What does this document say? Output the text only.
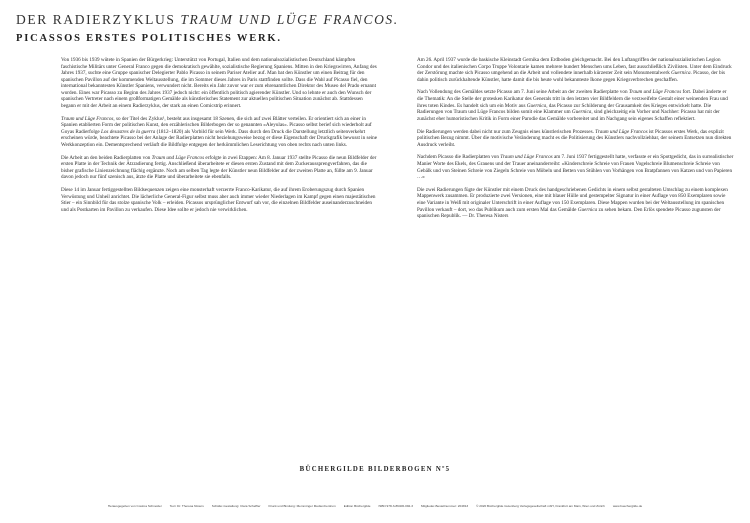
DER RADIERZYKLUS TRAUM UND LÜGE FRANCOS.
PICASSOS ERSTES POLITISCHES WERK.

Von 1936 bis 1939 wütete in Spanien der Bürgerkrieg: Unterstützt von Portugal, Italien und dem nationalsozialistischen Deutschland kämpften faschistische Militärs unter General Franco gegen die demokratisch gewählte, sozialistische Regierung Spaniens. Mitten in den Kriegswirren, Anfang des Jahres 1937, suchte eine Gruppe spanischer Delegierter Pablo Picasso in seinem Pariser Atelier auf. Man bat den Künstler um einen Beitrag für den spanischen Pavillon auf der kommenden Weltausstellung, die im Sommer dieses Jahres in Paris stattfinden sollte. Dass die Wahl auf Picasso fiel, den international bekanntesten Künstler Spaniens, verwundert nicht. Bereits ein Jahr zuvor war er zum ehrenamtlichen Direktor des Museo del Prado ernannt worden. Eines war Picasso zu Beginn des Jahres 1937 jedoch nicht: ein öffentlich politisch agierender Künstler. Und so lehnte er auch den Wunsch der spanischen Vertreter nach einem großformatigen Gemälde als künstlerisches Statement zur aktuellen politischen Situation zunächst ab. Stattdessen begann er mit der Arbeit an einem Radierzyklus, der stark an einen Comicstrip erinnert.

Traum und Lüge Francos, so der Titel des Zyklus¹, besteht aus insgesamt 18 Szenen, die sich auf zwei Blätter verteilen. Er orientiert sich an einer in Spanien etablierten Form der politischen Kunst, den erzählerischen Bilderbogen der so genannten »Aleyulas«. Picasso selbst berief sich wiederholt auf Goyas Radierfolge Los desastres de la guerra (1812–1820) als Vorbild für sein Werk. Dass durch den Druck die Darstellung letztlich seitenverkehrt erscheinen würde, beachtete Picasso bei der Anlage der Radierplatten nicht beziehungsweise bezog er diese Eigenschaft der Druckgrafik bewusst in seine Werkkonzeption ein. Dementsprechend verläuft die Bildfolge entgegen der herkömmlichen Leserichtung von oben rechts nach unten links.

Die Arbeit an den beiden Radierplatten von Traum und Lüge Francos erfolgte in zwei Etappen: Am 8. Januar 1937 stellte Picasso die neun Bildfelder der ersten Platte in der Technik der Ätzradierung fertig. Anschließend überarbeitete er diesen ersten Zustand mit dem Zuckeraussprengverfahren, das die bisher grafische Linienzeichnung flächig ergänzte. Noch am selben Tag legte der Künstler neun Bildfelder auf der zweiten Platte an, füllte am 9. Januar davon jedoch nur fünf szenisch aus, ätzte die Platte und überarbeitete sie ebenfalls.

Diese 14 im Januar fertiggestellten Bildsequenzen zeigen eine monsterhaft verzerrte Franco-Karikatur, die auf ihrem Eroberungszug durch Spanien Verwüstung und Unheil anrichtet. Die lächerliche General-Figur selbst muss aber auch immer wieder Niederlagen im Kampf gegen einen majestätischen Stier – ein Sinnbild für das stolze spanische Volk – erleiden. Picassos ursprünglicher Entwurf sah vor, die einzelnen Bildfelder auseinanderzuschneiden und als Postkarten im Pavillon zu verkaufen. Diese Idee sollte er jedoch nie verwirklichen.

Am 26. April 1937 wurde die baskische Kleinstadt Gernika dem Erdboden gleichgemacht. Bei den Luftangriffen der nationalsozialistischen Legion Condor und des italienischen Corpo Truppe Volontarie kamen mehrere hundert Menschen ums Leben, fast ausschließlich Zivilisten. Unter dem Eindruck der Zerstörung machte sich Picasso umgehend an die Arbeit und vollendete innerhalb kürzester Zeit sein Monumentalwerk Guernica. Picasso, der bis dahin politisch zurückhaltende Künstler, hatte damit die bis heute wohl bekannteste Ikone gegen Kriegsverbrechen geschaffen.

Nach Vollendung des Gemäldes setzte Picasso am 7. Juni seine Arbeit an der zweiten Radierplatte von Traum und Lüge Francos fort. Dabei änderte er die Thematik: An die Stelle der grotesken Karikatur des Generals tritt in den letzten vier Bildfeldern die verzweifelte Gestalt einer weinenden Frau und ihres toten Kindes. Es handelt sich um ein Motiv aus Guernica, das Picasso zur Schilderung der Grausamkeit des Krieges entwickelt hatte. Die Radierungen von Traum und Lüge Francos bilden somit eine Klammer um Guernica, sind gleichzeitig ein Vorher und Nachher: Picasso hat mit der zunächst eher humoristischen Kritik in Form einer Parodie das Gemälde vorbereitet und im Nachgang sein eigenes Schaffen reflektiert.

Die Radierungen werden dabei nicht nur zum Zeugnis eines künstlerischen Prozesses. Traum und Lüge Francos ist Picassos erstes Werk, das explizit politischen Bezug nimmt. Über die motivische Veränderung macht es die Politisierung des Künstlers nachvollziehbar, der seinem Entsetzen nun direkten Ausdruck verleiht.

Nachdem Picasso die Radierplatten von Traum und Lüge Francos am 7. Juni 1937 fertiggestellt hatte, verfasste er ein Spottgedicht, das in surrealistischer Manier Worte des Ekels, des Grauens und der Trauer aneinanderreiht: »Kinderschreie Schreie von Frauen Vogelschreie Blumenschreie Schreie von Gebälk und von Steinen Schreie von Ziegeln Schreie von Möbeln und Betten von Stühlen von Vorhängen von Bratpfannen von Katzen und von Papieren …«

Die zwei Radierungen fügte der Künstler mit einem Druck des handgeschriebenen Gedichts in einem selbst gestalteten Umschlag zu einem komplexen Mappenwerk zusammen. Er produzierte zwei Versionen, eine mit blauer Hülle und gestempelter Signatur in einer Auflage von 850 Exemplaren sowie eine Variante in Weiß mit originaler Unterschrift in einer Auflage von 150 Exemplaren. Diese Mappen wurden bei der Weltausstellung im spanischen Pavillon verkauft – dort, wo das Publikum auch zum ersten Mal das Gemälde Guernica zu sehen bekam. Den Erlös spendete Picasso zugunsten der spanischen Republik. — Dr. Theresa Nisters

BÜCHERGILDE BILDERBOGEN Nº5
Herausgegeben von Cosima Schneider	Text: Dr. Theresa Nisters	Schäfer-Gestaltung: Clara Scheffler	Druck und Bindung: Memminger MedienCentrum	Edition Büchergilde	ISBN 978-3-86406-092-3	Mitglieder-Bestellnummer: 204813	© 2020 Büchergilde Gutenberg Verlagsgesellschaft mbH, Frankfurt am Main, Wien und Zürich	www.buechergilde.de
